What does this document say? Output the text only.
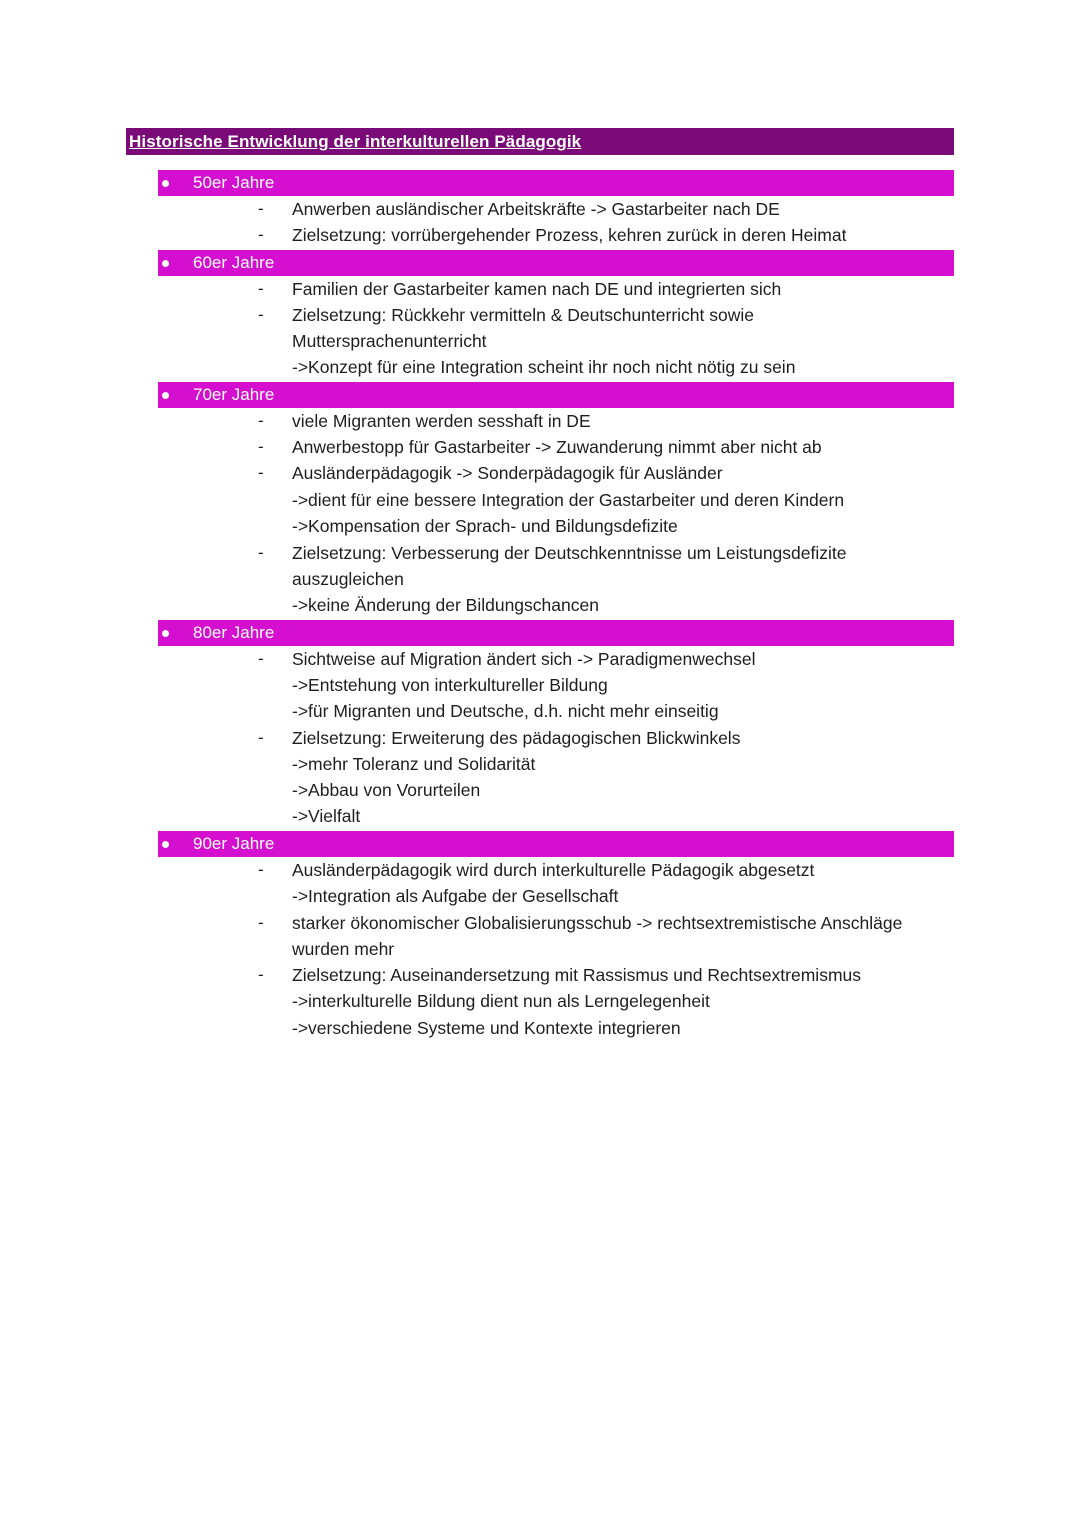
Historische Entwicklung der interkulturellen Pädagogik
50er Jahre
- Anwerben ausländischer Arbeitskräfte -> Gastarbeiter nach DE
- Zielsetzung: vorrübergehender Prozess, kehren zurück in deren Heimat
60er Jahre
- Familien der Gastarbeiter kamen nach DE und integrierten sich
- Zielsetzung: Rückkehr vermitteln & Deutschunterricht sowie
Muttersprachenunterricht
->Konzept für eine Integration scheint ihr noch nicht nötig zu sein
70er Jahre
- viele Migranten werden sesshaft in DE
- Anwerbestopp für Gastarbeiter -> Zuwanderung nimmt aber nicht ab
- Ausländerpädagogik -> Sonderpädagogik für Ausländer
->dient für eine bessere Integration der Gastarbeiter und deren Kindern
->Kompensation der Sprach- und Bildungsdefizite
- Zielsetzung: Verbesserung der Deutschkenntnisse um Leistungsdefizite
auszugleichen
->keine Änderung der Bildungschancen
80er Jahre
- Sichtweise auf Migration ändert sich -> Paradigmenwechsel
->Entstehung von interkultureller Bildung
->für Migranten und Deutsche, d.h. nicht mehr einseitig
- Zielsetzung: Erweiterung des pädagogischen Blickwinkels
->mehr Toleranz und Solidarität
->Abbau von Vorurteilen
->Vielfalt
90er Jahre
- Ausländerpädagogik wird durch interkulturelle Pädagogik abgesetzt
->Integration als Aufgabe der Gesellschaft
- starker ökonomischer Globalisierungsschub -> rechtsextremistische Anschläge
wurden mehr
- Zielsetzung: Auseinandersetzung mit Rassismus und Rechtsextremismus
->interkulturelle Bildung dient nun als Lerngelegenheit
->verschiedene Systeme und Kontexte integrieren
